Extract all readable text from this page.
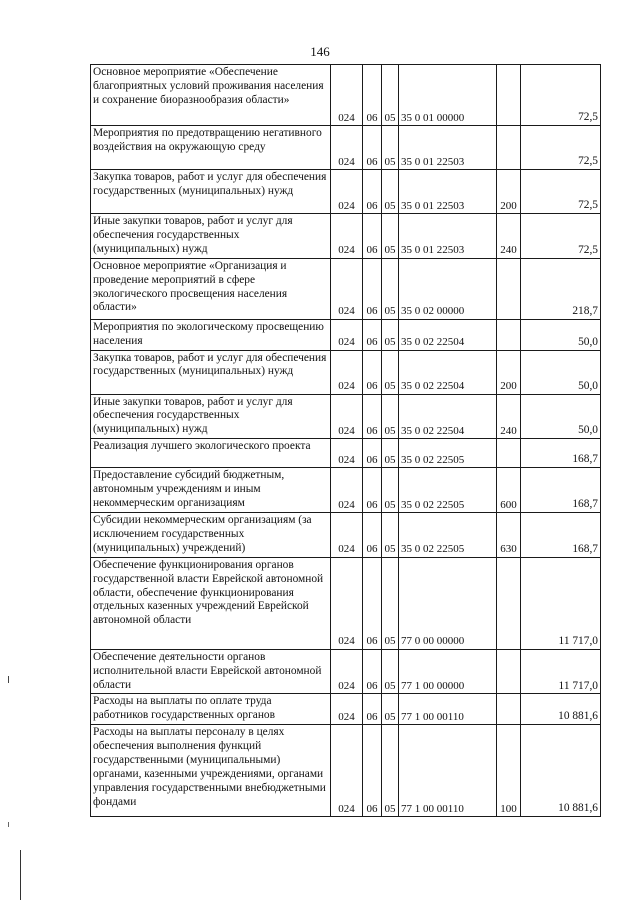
146
Основное мероприятие «Обеспечение благоприятных условий проживания населения и сохранение биоразнообразия области»	024	06	05	35 0 01 00000		72,5
Мероприятия по предотвращению негативного воздействия на окружающую среду	024	06	05	35 0 01 22503		72,5
Закупка товаров, работ и услуг для обеспечения государственных (муниципальных) нужд	024	06	05	35 0 01 22503	200	72,5
Иные закупки товаров, работ и услуг для обеспечения государственных (муниципальных) нужд	024	06	05	35 0 01 22503	240	72,5
Основное мероприятие «Организация и проведение мероприятий в сфере экологического просвещения населения области»	024	06	05	35 0 02 00000		218,7
Мероприятия по экологическому просвещению населения	024	06	05	35 0 02 22504		50,0
Закупка товаров, работ и услуг для обеспечения государственных (муниципальных) нужд	024	06	05	35 0 02 22504	200	50,0
Иные закупки товаров, работ и услуг для обеспечения государственных (муниципальных) нужд	024	06	05	35 0 02 22504	240	50,0
Реализация лучшего экологического проекта	024	06	05	35 0 02 22505		168,7
Предоставление субсидий бюджетным, автономным учреждениям и иным некоммерческим организациям	024	06	05	35 0 02 22505	600	168,7
Субсидии некоммерческим организациям (за исключением государственных (муниципальных) учреждений)	024	06	05	35 0 02 22505	630	168,7
Обеспечение функционирования органов государственной власти Еврейской автономной области, обеспечение функционирования отдельных казенных учреждений Еврейской автономной области	024	06	05	77 0 00 00000		11 717,0
Обеспечение деятельности органов исполнительной власти Еврейской автономной области	024	06	05	77 1 00 00000		11 717,0
Расходы на выплаты по оплате труда работников государственных органов	024	06	05	77 1 00 00110		10 881,6
Расходы на выплаты персоналу в целях обеспечения выполнения функций государственными (муниципальными) органами, казенными учреждениями, органами управления государственными внебюджетными фондами	024	06	05	77 1 00 00110	100	10 881,6
